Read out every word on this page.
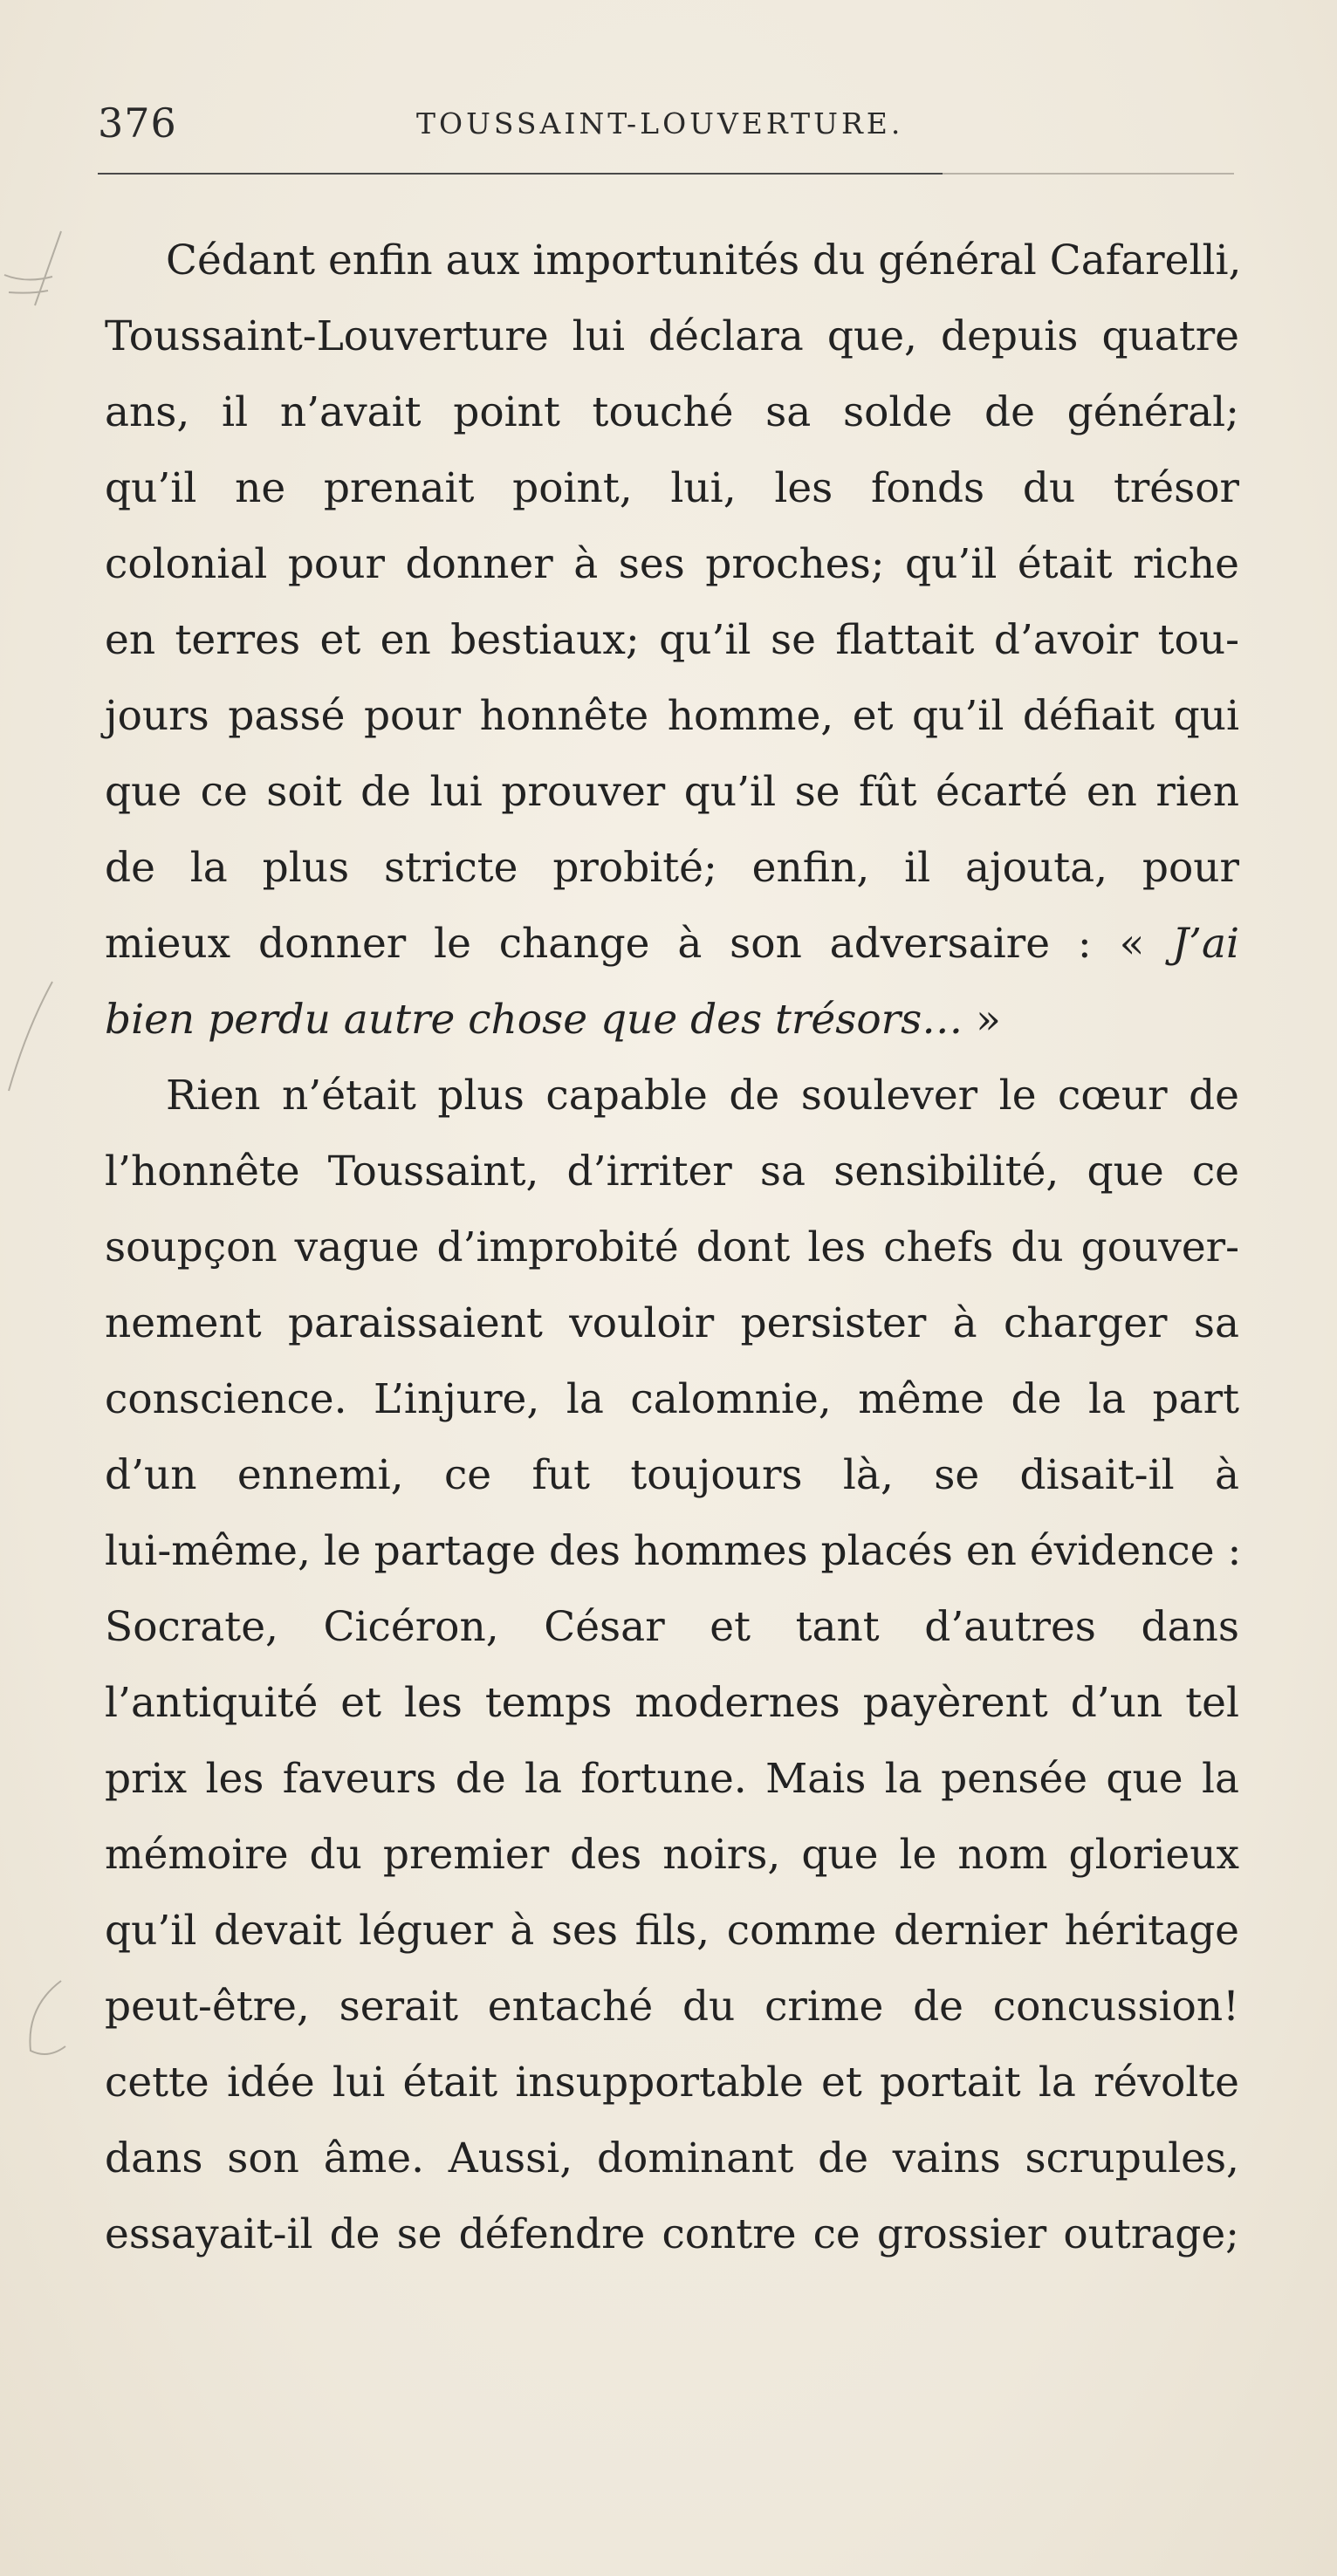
376	TOUSSAINT-LOUVERTURE.
Cédant enfin aux importunités du général Cafarelli,
Toussaint-Louverture lui déclara que, depuis quatre
ans, il n’avait point touché sa solde de général;
qu’il ne prenait point, lui, les fonds du trésor
colonial pour donner à ses proches; qu’il était riche
en terres et en bestiaux; qu’il se flattait d’avoir tou-
jours passé pour honnête homme, et qu’il défiait qui
que ce soit de lui prouver qu’il se fût écarté en rien
de la plus stricte probité; enfin, il ajouta, pour
mieux donner le change à son adversaire : « J’ai
bien perdu autre chose que des trésors… »
Rien n’était plus capable de soulever le cœur de
l’honnête Toussaint, d’irriter sa sensibilité, que ce
soupçon vague d’improbité dont les chefs du gouver-
nement paraissaient vouloir persister à charger sa
conscience. L’injure, la calomnie, même de la part
d’un ennemi, ce fut toujours là, se disait-il à
lui-même, le partage des hommes placés en évidence :
Socrate, Cicéron, César et tant d’autres dans
l’antiquité et les temps modernes payèrent d’un tel
prix les faveurs de la fortune. Mais la pensée que la
mémoire du premier des noirs, que le nom glorieux
qu’il devait léguer à ses fils, comme dernier héritage
peut-être, serait entaché du crime de concussion!
cette idée lui était insupportable et portait la révolte
dans son âme. Aussi, dominant de vains scrupules,
essayait-il de se défendre contre ce grossier outrage;
